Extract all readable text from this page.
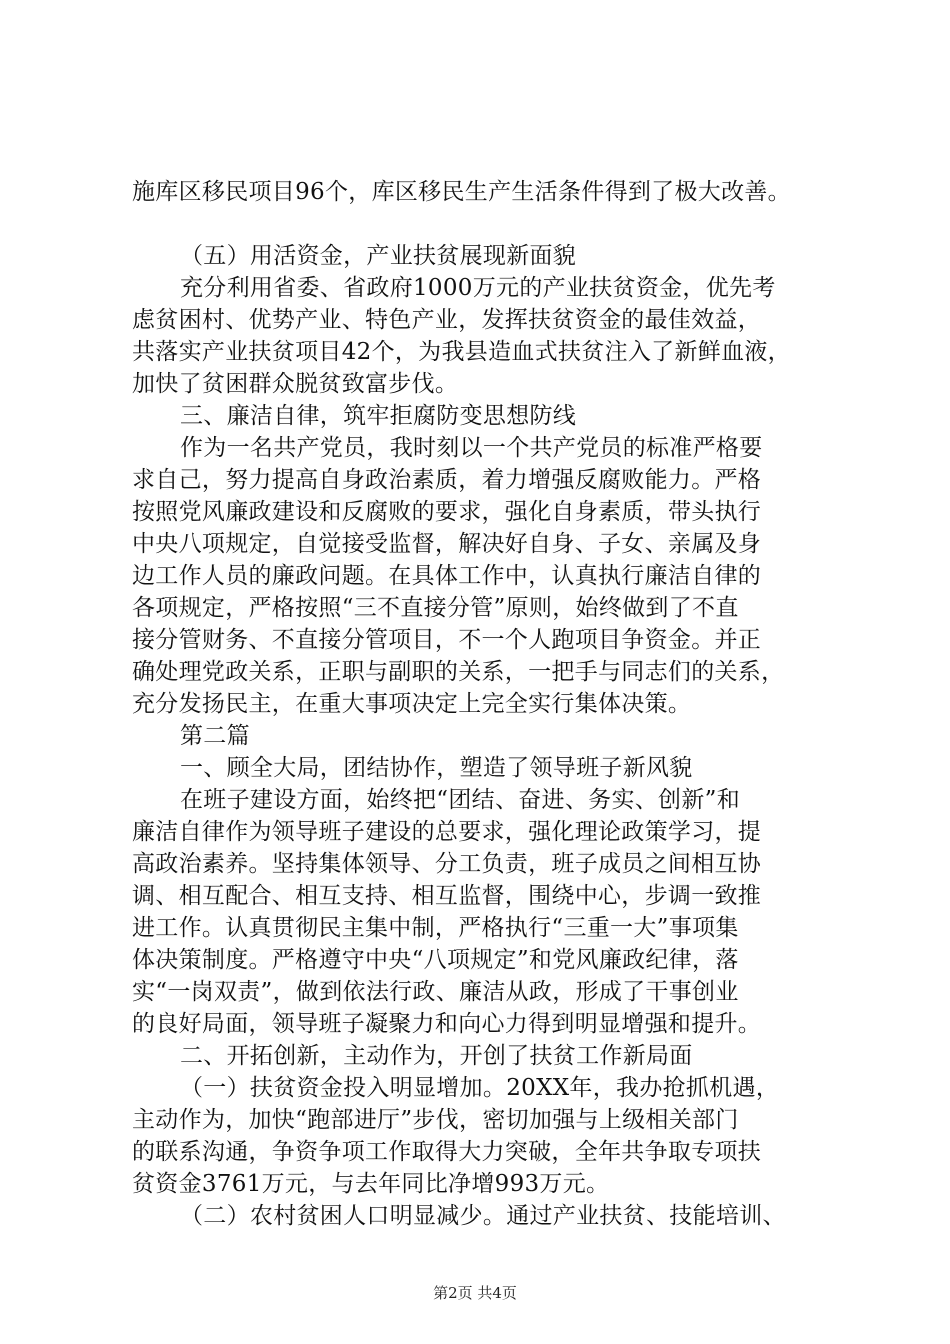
施库区移民项目96个，库区移民生产生活条件得到了极大改善。
（五）用活资金，产业扶贫展现新面貌
充分利用省委、省政府1000万元的产业扶贫资金，优先考
虑贫困村、优势产业、特色产业，发挥扶贫资金的最佳效益，
共落实产业扶贫项目42个，为我县造血式扶贫注入了新鲜血液，
加快了贫困群众脱贫致富步伐。
三、廉洁自律，筑牢拒腐防变思想防线
作为一名共产党员，我时刻以一个共产党员的标准严格要
求自己，努力提高自身政治素质，着力增强反腐败能力。严格
按照党风廉政建设和反腐败的要求，强化自身素质，带头执行
中央八项规定，自觉接受监督，解决好自身、子女、亲属及身
边工作人员的廉政问题。在具体工作中，认真执行廉洁自律的
各项规定，严格按照“三不直接分管”原则，始终做到了不直
接分管财务、不直接分管项目，不一个人跑项目争资金。并正
确处理党政关系，正职与副职的关系，一把手与同志们的关系，
充分发扬民主，在重大事项决定上完全实行集体决策。
第二篇
一、顾全大局，团结协作，塑造了领导班子新风貌
在班子建设方面，始终把“团结、奋进、务实、创新”和
廉洁自律作为领导班子建设的总要求，强化理论政策学习，提
高政治素养。坚持集体领导、分工负责，班子成员之间相互协
调、相互配合、相互支持、相互监督，围绕中心，步调一致推
进工作。认真贯彻民主集中制，严格执行“三重一大”事项集
体决策制度。严格遵守中央“八项规定”和党风廉政纪律，落
实“一岗双责”，做到依法行政、廉洁从政，形成了干事创业
的良好局面，领导班子凝聚力和向心力得到明显增强和提升。
二、开拓创新，主动作为，开创了扶贫工作新局面
（一）扶贫资金投入明显增加。20XX年，我办抢抓机遇，
主动作为，加快“跑部进厅”步伐，密切加强与上级相关部门
的联系沟通，争资争项工作取得大力突破，全年共争取专项扶
贫资金3761万元，与去年同比净增993万元。
（二）农村贫困人口明显减少。通过产业扶贫、技能培训、
第2页 共4页
